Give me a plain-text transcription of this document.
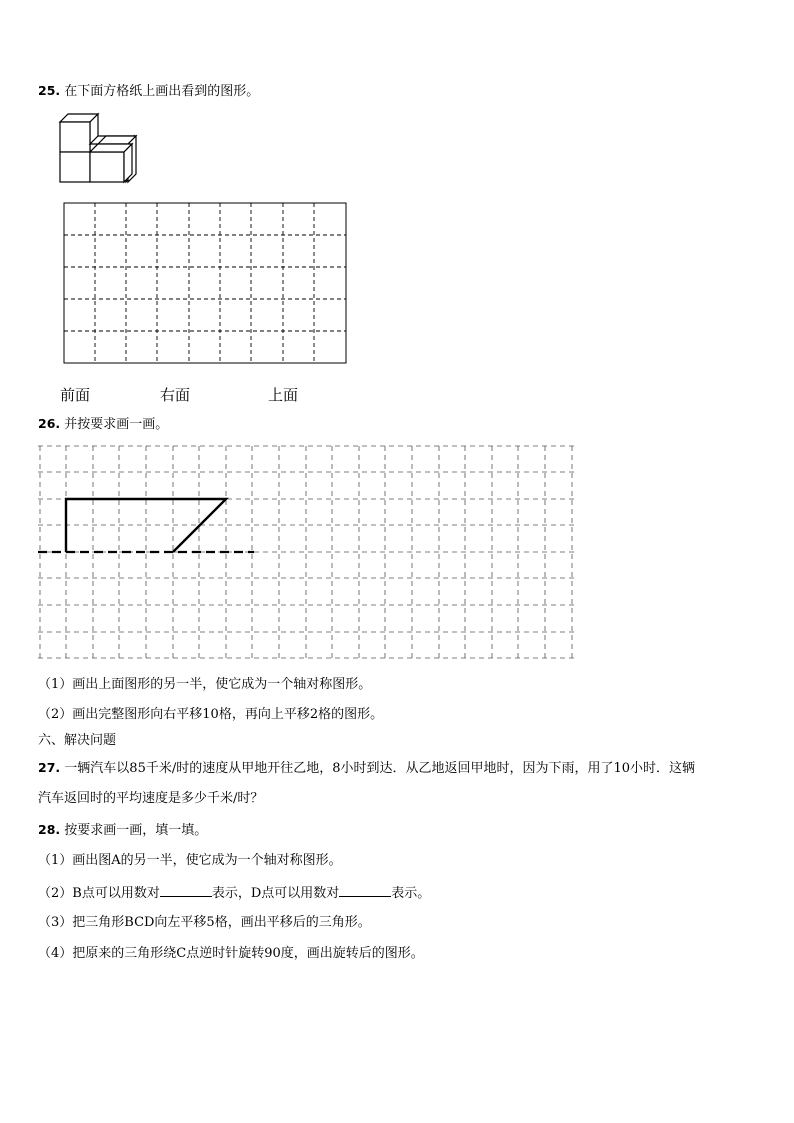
25. 在下面方格纸上画出看到的图形。
前面	右面	上面
26. 并按要求画一画。
（1）画出上面图形的另一半，使它成为一个轴对称图形。
（2）画出完整图形向右平移10格，再向上平移2格的图形。
六、解决问题
27. 一辆汽车以85千米/时的速度从甲地开往乙地，8小时到达．从乙地返回甲地时，因为下雨，用了10小时．这辆
汽车返回时的平均速度是多少千米/时？
28. 按要求画一画，填一填。
（1）画出图A的另一半，使它成为一个轴对称图形。
（2）B点可以用数对	表示，D点可以用数对	表示。
（3）把三角形BCD向左平移5格，画出平移后的三角形。
（4）把原来的三角形绕C点逆时针旋转90度，画出旋转后的图形。
